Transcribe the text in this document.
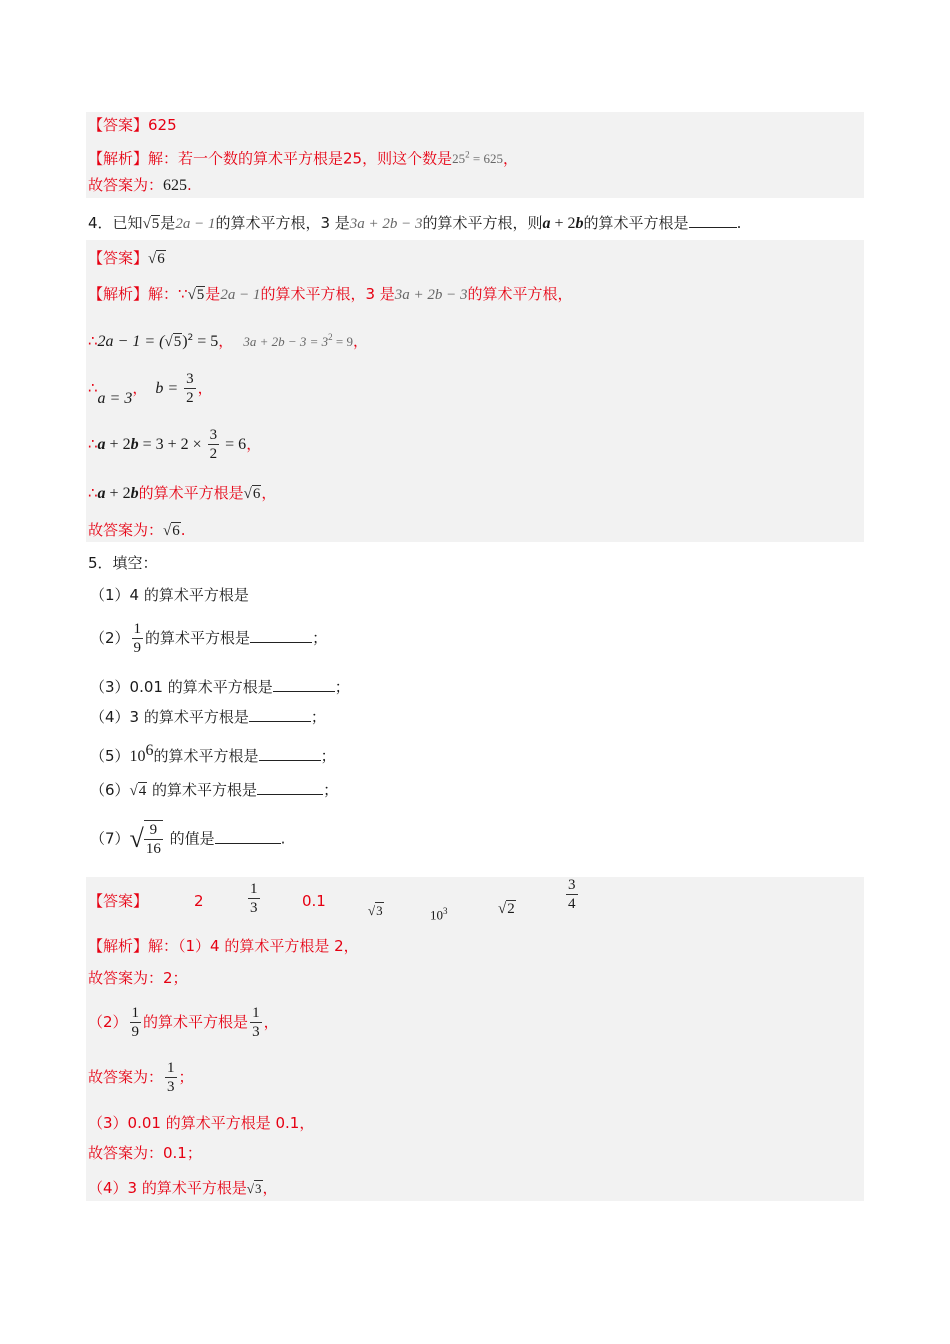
【答案】625
【解析】解：若一个数的算术平方根是25，则这个数是$25^2 = 625$，
故答案为：625.
4．已知√5是2a − 1的算术平方根，3 是3a + 2b − 3的算术平方根，则a + 2b的算术平方根是	.
【答案】√6
【解析】解：∵√5是2a − 1的算术平方根，3 是3a + 2b − 3的算术平方根，
∴2a − $1 = (√5)^2 = 5$， $3a + 2b - 3 = 3^2 = 9$，
∴a = 3， $b = \frac{3}{2}$ ，
∴a + $2b = 3 + 2 \times \frac{3}{2} = 6$，
∴a + 2b的算术平方根是√6，
故答案为：√6.
5．填空：
（1）4 的算术平方根是
$(2) \frac{1}{9}$ 的算术平方根是	；
（3）0.01 的算术平方根是	；
（4）3 的算术平方根是	；
$(5)10^6$的算术平方根是	；
（6）√4 的算术平方根是	；
$(7)√ \frac{9}{16}$ 的值是	.
【答案】	2	$\frac{1}{3}$	0.1
√3	$10^3$	√2	$\frac{3}{4}$
【解析】解：（1）4 的算术平方根是 2，
故答案为：2；
$(2) \frac{1}{9}$ 的算术平方根是 $\frac{1}{3}$ ，
故答案为： $\frac{1}{3}$ ；
（3）0.01 的算术平方根是 0.1，
故答案为：0.1；
（4）3 的算术平方根是√3，
